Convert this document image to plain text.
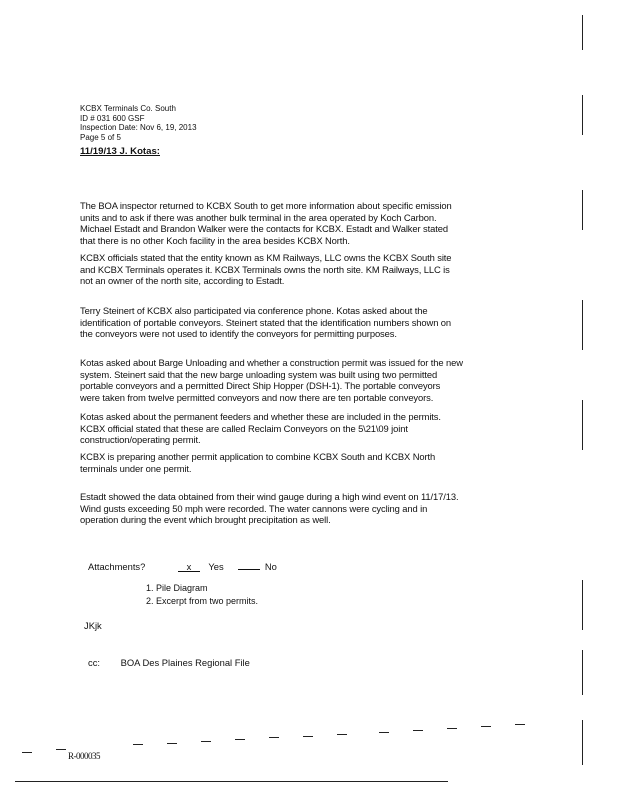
KCBX Terminals Co. South
ID # 031 600 GSF
Inspection Date: Nov 6, 19, 2013
Page 5 of 5
11/19/13 J. Kotas:
The BOA inspector returned to KCBX South to get more information about specific emission
units and to ask if there was another bulk terminal in the area operated by Koch Carbon.
Michael Estadt and Brandon Walker were the contacts for KCBX. Estadt and Walker stated
that there is no other Koch facility in the area besides KCBX North.
KCBX officials stated that the entity known as KM Railways, LLC owns the KCBX South site
and KCBX Terminals operates it. KCBX Terminals owns the north site. KM Railways, LLC is
not an owner of the north site, according to Estadt.
Terry Steinert of KCBX also participated via conference phone. Kotas asked about the
identification of portable conveyors. Steinert stated that the identification numbers shown on
the conveyors were not used to identify the conveyors for permitting purposes.
Kotas asked about Barge Unloading and whether a construction permit was issued for the new
system. Steinert said that the new barge unloading system was built using two permitted
portable conveyors and a permitted Direct Ship Hopper (DSH-1). The portable conveyors
were taken from twelve permitted conveyors and now there are ten portable conveyors.
Kotas asked about the permanent feeders and whether these are included in the permits.
KCBX official stated that these are called Reclaim Conveyors on the 5\21\09 joint
construction/operating permit.
KCBX is preparing another permit application to combine KCBX South and KCBX North
terminals under one permit.
Estadt showed the data obtained from their wind gauge during a high wind event on 11/17/13.
Wind gusts exceeding 50 mph were recorded. The water cannons were cycling and in
operation during the event which brought precipitation as well.
Attachments?	x Yes	No
1. Pile Diagram
2. Excerpt from two permits.
JKjk
cc: BOA Des Plaines Regional File
R-000035
